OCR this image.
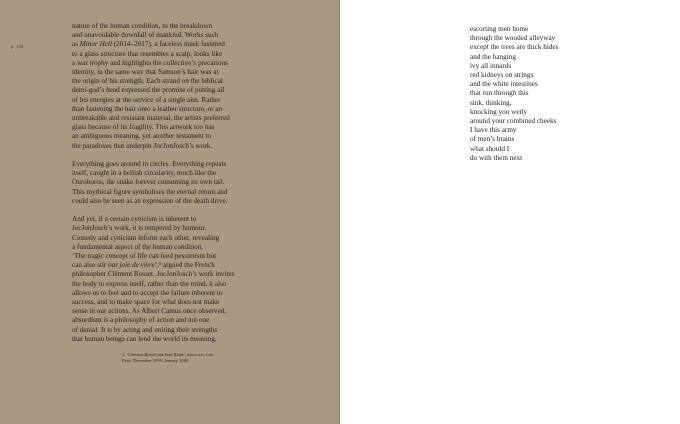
p. 158

nature of the human condition, to the breakdown
and unavoidable downfall of mankind. Works such
as Minor Hell (2014–2017), a faceless mask fastened
to a glass structure that resembles a scalp, looks like
a war trophy and highlights the collective’s precarious
identity, in the same way that Samson’s hair was at
the origin of his strength. Each strand on the biblical
demi-god’s head expressed the promise of putting all
of his energies at the service of a single aim. Rather
than fastening the hair onto a leather structure, or an
unbreakable and resistant material, the artists preferred
glass because of its fragility. This artwork too has
an ambiguous meaning, yet another testament to
the paradoxes that underpin JocJonJosch’s work.

Everything goes around in circles. Everything repeats
itself, caught in a hellish circularity, much like the
Ouroboros, the snake forever consuming its own tail.
This mythical figure symbolises the eternal return and
could also be seen as an expression of the death drive.

And yet, if a certain cynicism is inherent to
JocJonJosch’s work, it is tempered by humour.
Comedy and cynicism inform each other, revealing
a fundamental aspect of the human condition.
‘The tragic concept of life can feed pessimism but
can also stir our joie de vivre’,¹ argued the French
philosopher Clément Rosset. JocJonJosch’s work invites
the body to express itself, rather than the mind, it also
allows us to feel and to accept the failure inherent to
success, and to make space for what does not make
sense in our actions. As Albert Camus once observed,
absurdism is a philosophy of action and not one
of denial. It is by acting and uniting their strengths
that human beings can lend the world its meaning.

1. ‘Clément Rosset par Jean Blain’, interview, Lire
Paris, December 1999–January 2000
escorting men home
through the wooded alleyway
except the trees are thick hides
and the hanging
ivy all innards
red kidneys on strings
and the white intestines
that run through this
sink, thinking,
knocking you wetly
around your combined cheeks
I have this army
of men’s brains
what should I
do with them next
